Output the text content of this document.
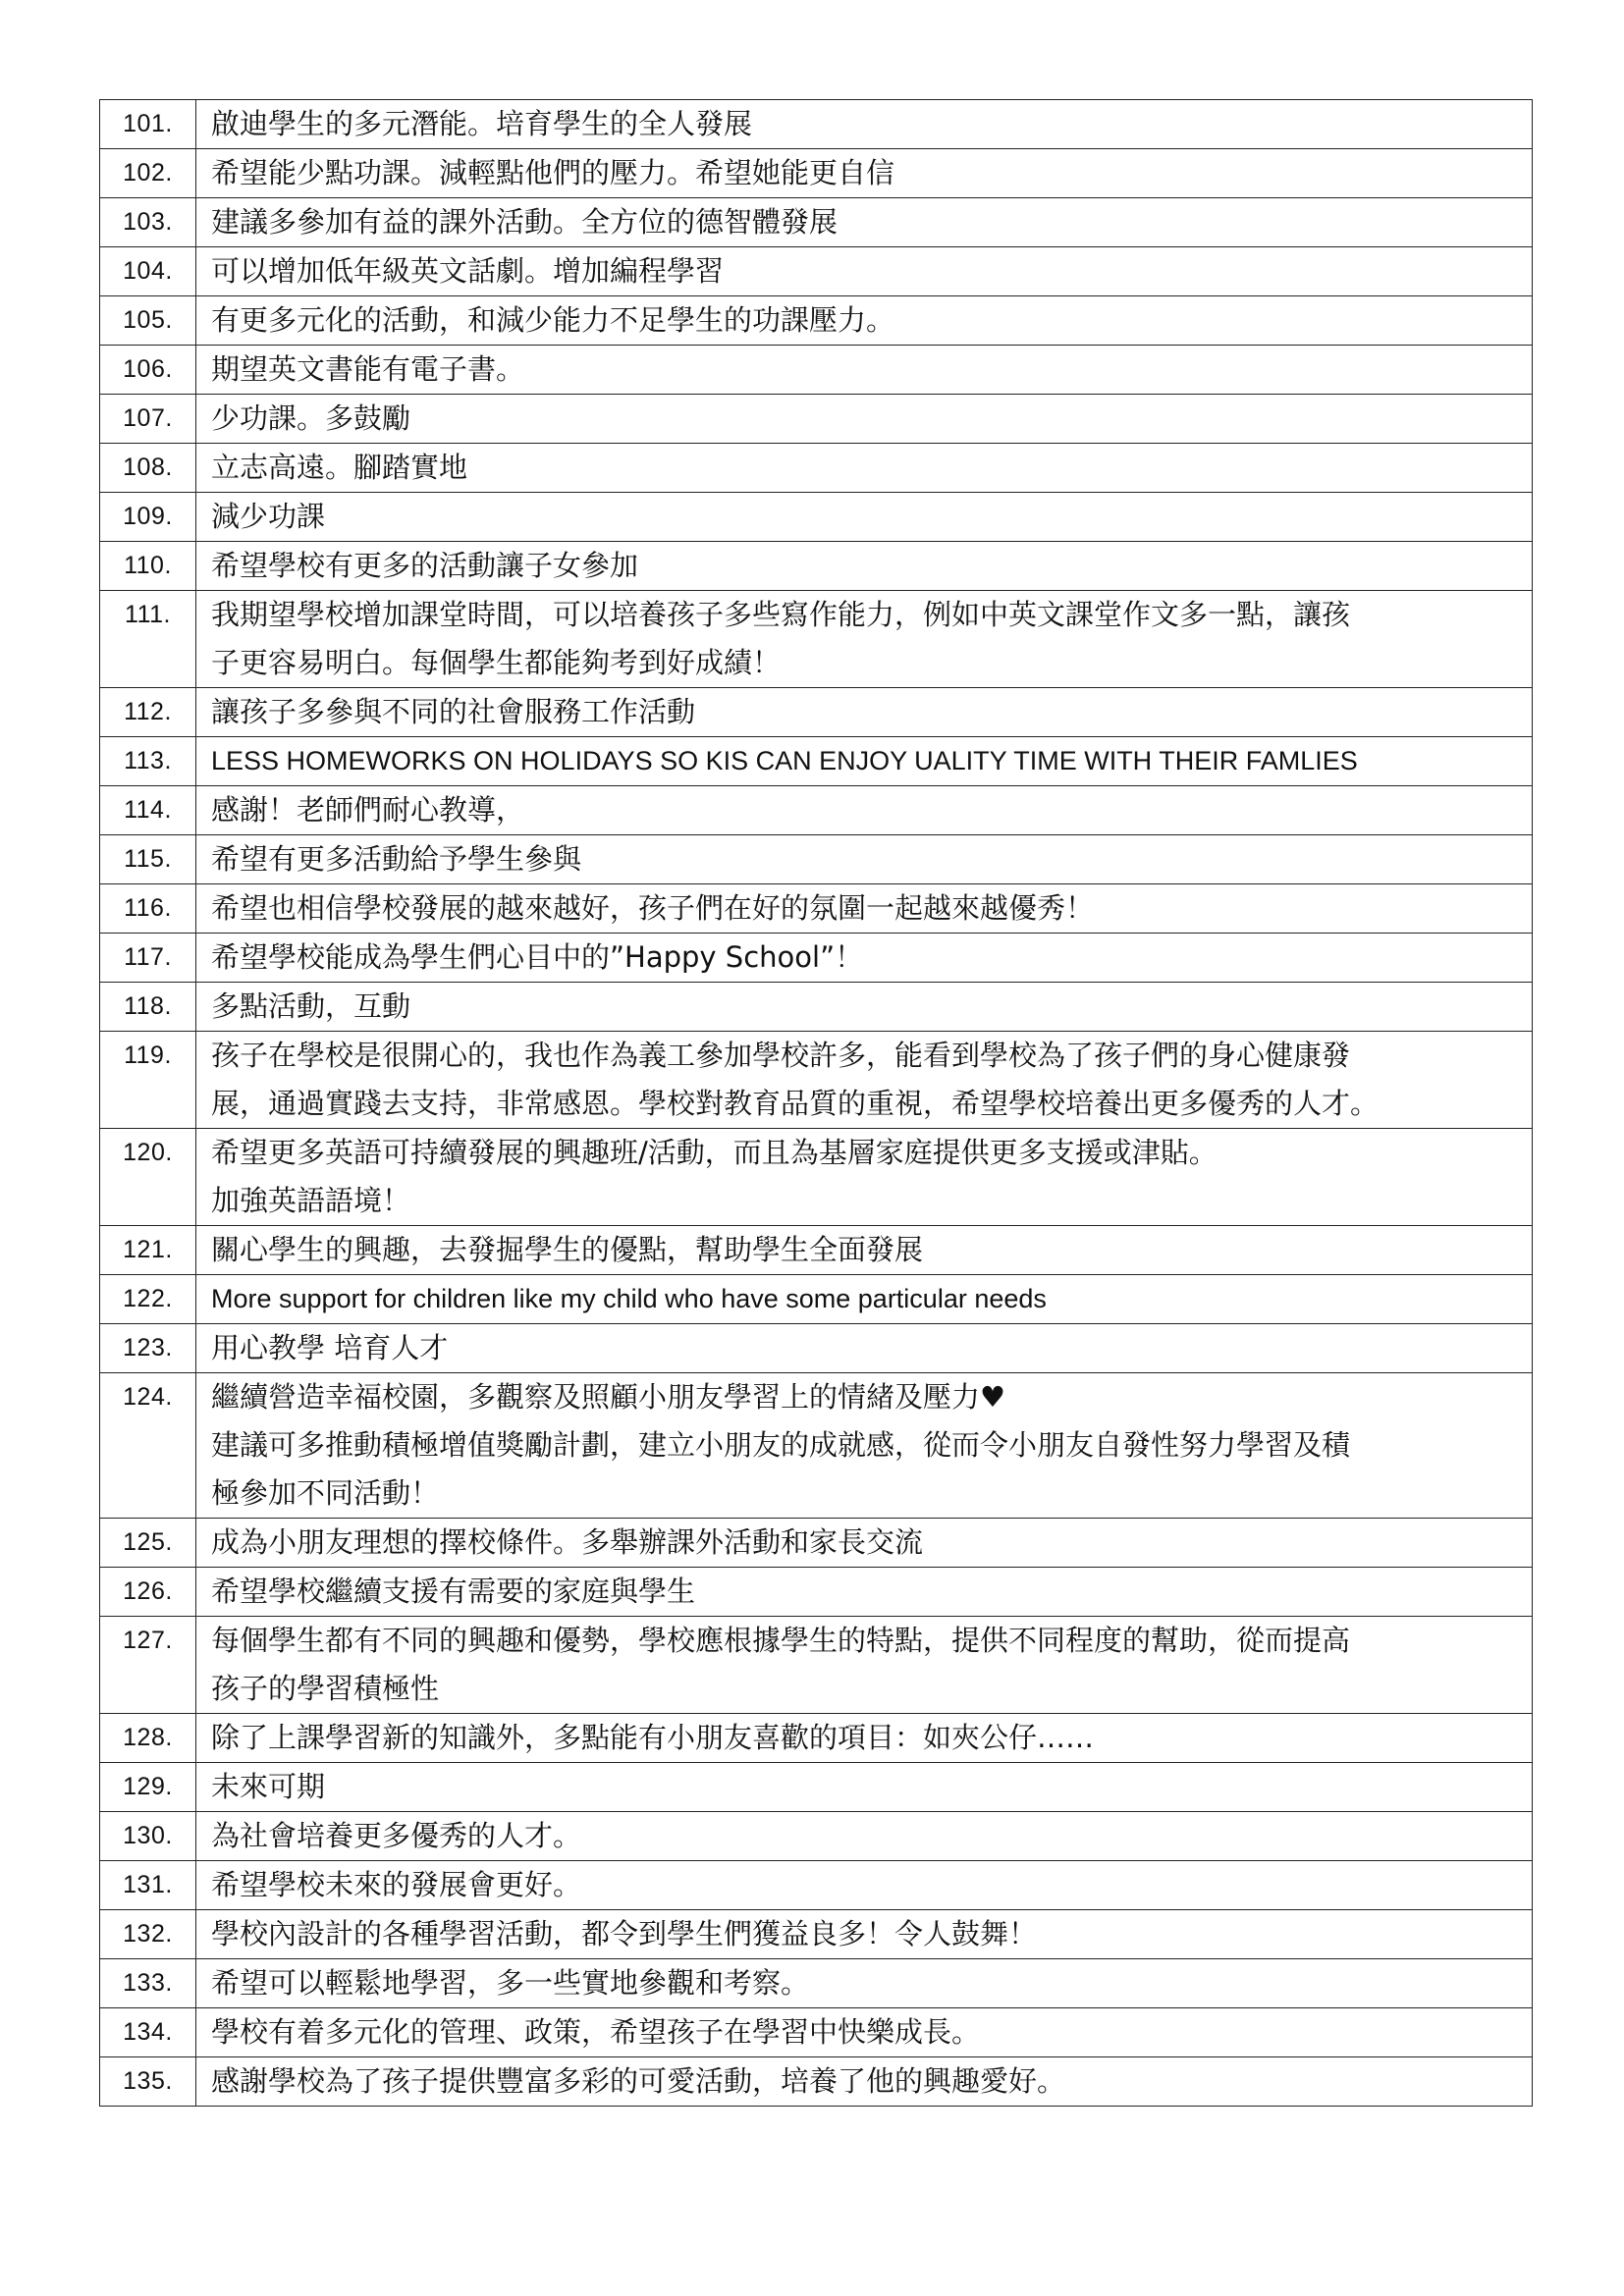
101.	啟迪學生的多元潛能。培育學生的全人發展

102.	希望能少點功課。減輕點他們的壓力。希望她能更自信

103.	建議多參加有益的課外活動。全方位的德智體發展

104.	可以增加低年級英文話劇。增加編程學習

105.	有更多元化的活動，和減少能力不足學生的功課壓力。

106.	期望英文書能有電子書。

107.	少功課。多鼓勵

108.	立志高遠。腳踏實地

109.	減少功課

110.	希望學校有更多的活動讓子女參加

111.	我期望學校增加課堂時間，可以培養孩子多些寫作能力，例如中英文課堂作文多一點，讓孩
子更容易明白。每個學生都能夠考到好成績！

112.	讓孩子多參與不同的社會服務工作活動

113.	LESS HOMEWORKS ON HOLIDAYS SO KIS CAN ENJOY UALITY TIME WITH THEIR FAMLIES

114.	感謝！老師們耐心教導，

115.	希望有更多活動給予學生參與

116.	希望也相信學校發展的越來越好，孩子們在好的氛圍一起越來越優秀！

117.	希望學校能成為學生們心目中的”Happy School”！

118.	多點活動，互動

119.	孩子在學校是很開心的，我也作為義工參加學校許多，能看到學校為了孩子們的身心健康發
展，通過實踐去支持，非常感恩。學校對教育品質的重視，希望學校培養出更多優秀的人才。

120.	希望更多英語可持續發展的興趣班/活動，而且為基層家庭提供更多支援或津貼。
加強英語語境！

121.	關心學生的興趣，去發掘學生的優點，幫助學生全面發展

122.	More support for children like my child who have some particular needs

123.	用心教學 培育人才

124.	繼續營造幸福校園，多觀察及照顧小朋友學習上的情緒及壓力♥
建議可多推動積極增值獎勵計劃，建立小朋友的成就感，從而令小朋友自發性努力學習及積
極參加不同活動！

125.	成為小朋友理想的擇校條件。多舉辦課外活動和家長交流

126.	希望學校繼續支援有需要的家庭與學生

127.	每個學生都有不同的興趣和優勢，學校應根據學生的特點，提供不同程度的幫助，從而提高
孩子的學習積極性

128.	除了上課學習新的知識外，多點能有小朋友喜歡的項目：如夾公仔……

129.	未來可期

130.	為社會培養更多優秀的人才。

131.	希望學校未來的發展會更好。

132.	學校內設計的各種學習活動，都令到學生們獲益良多！令人鼓舞！

133.	希望可以輕鬆地學習，多一些實地參觀和考察。

134.	學校有着多元化的管理、政策，希望孩子在學習中快樂成長。

135.	感謝學校為了孩子提供豐富多彩的可愛活動，培養了他的興趣愛好。
